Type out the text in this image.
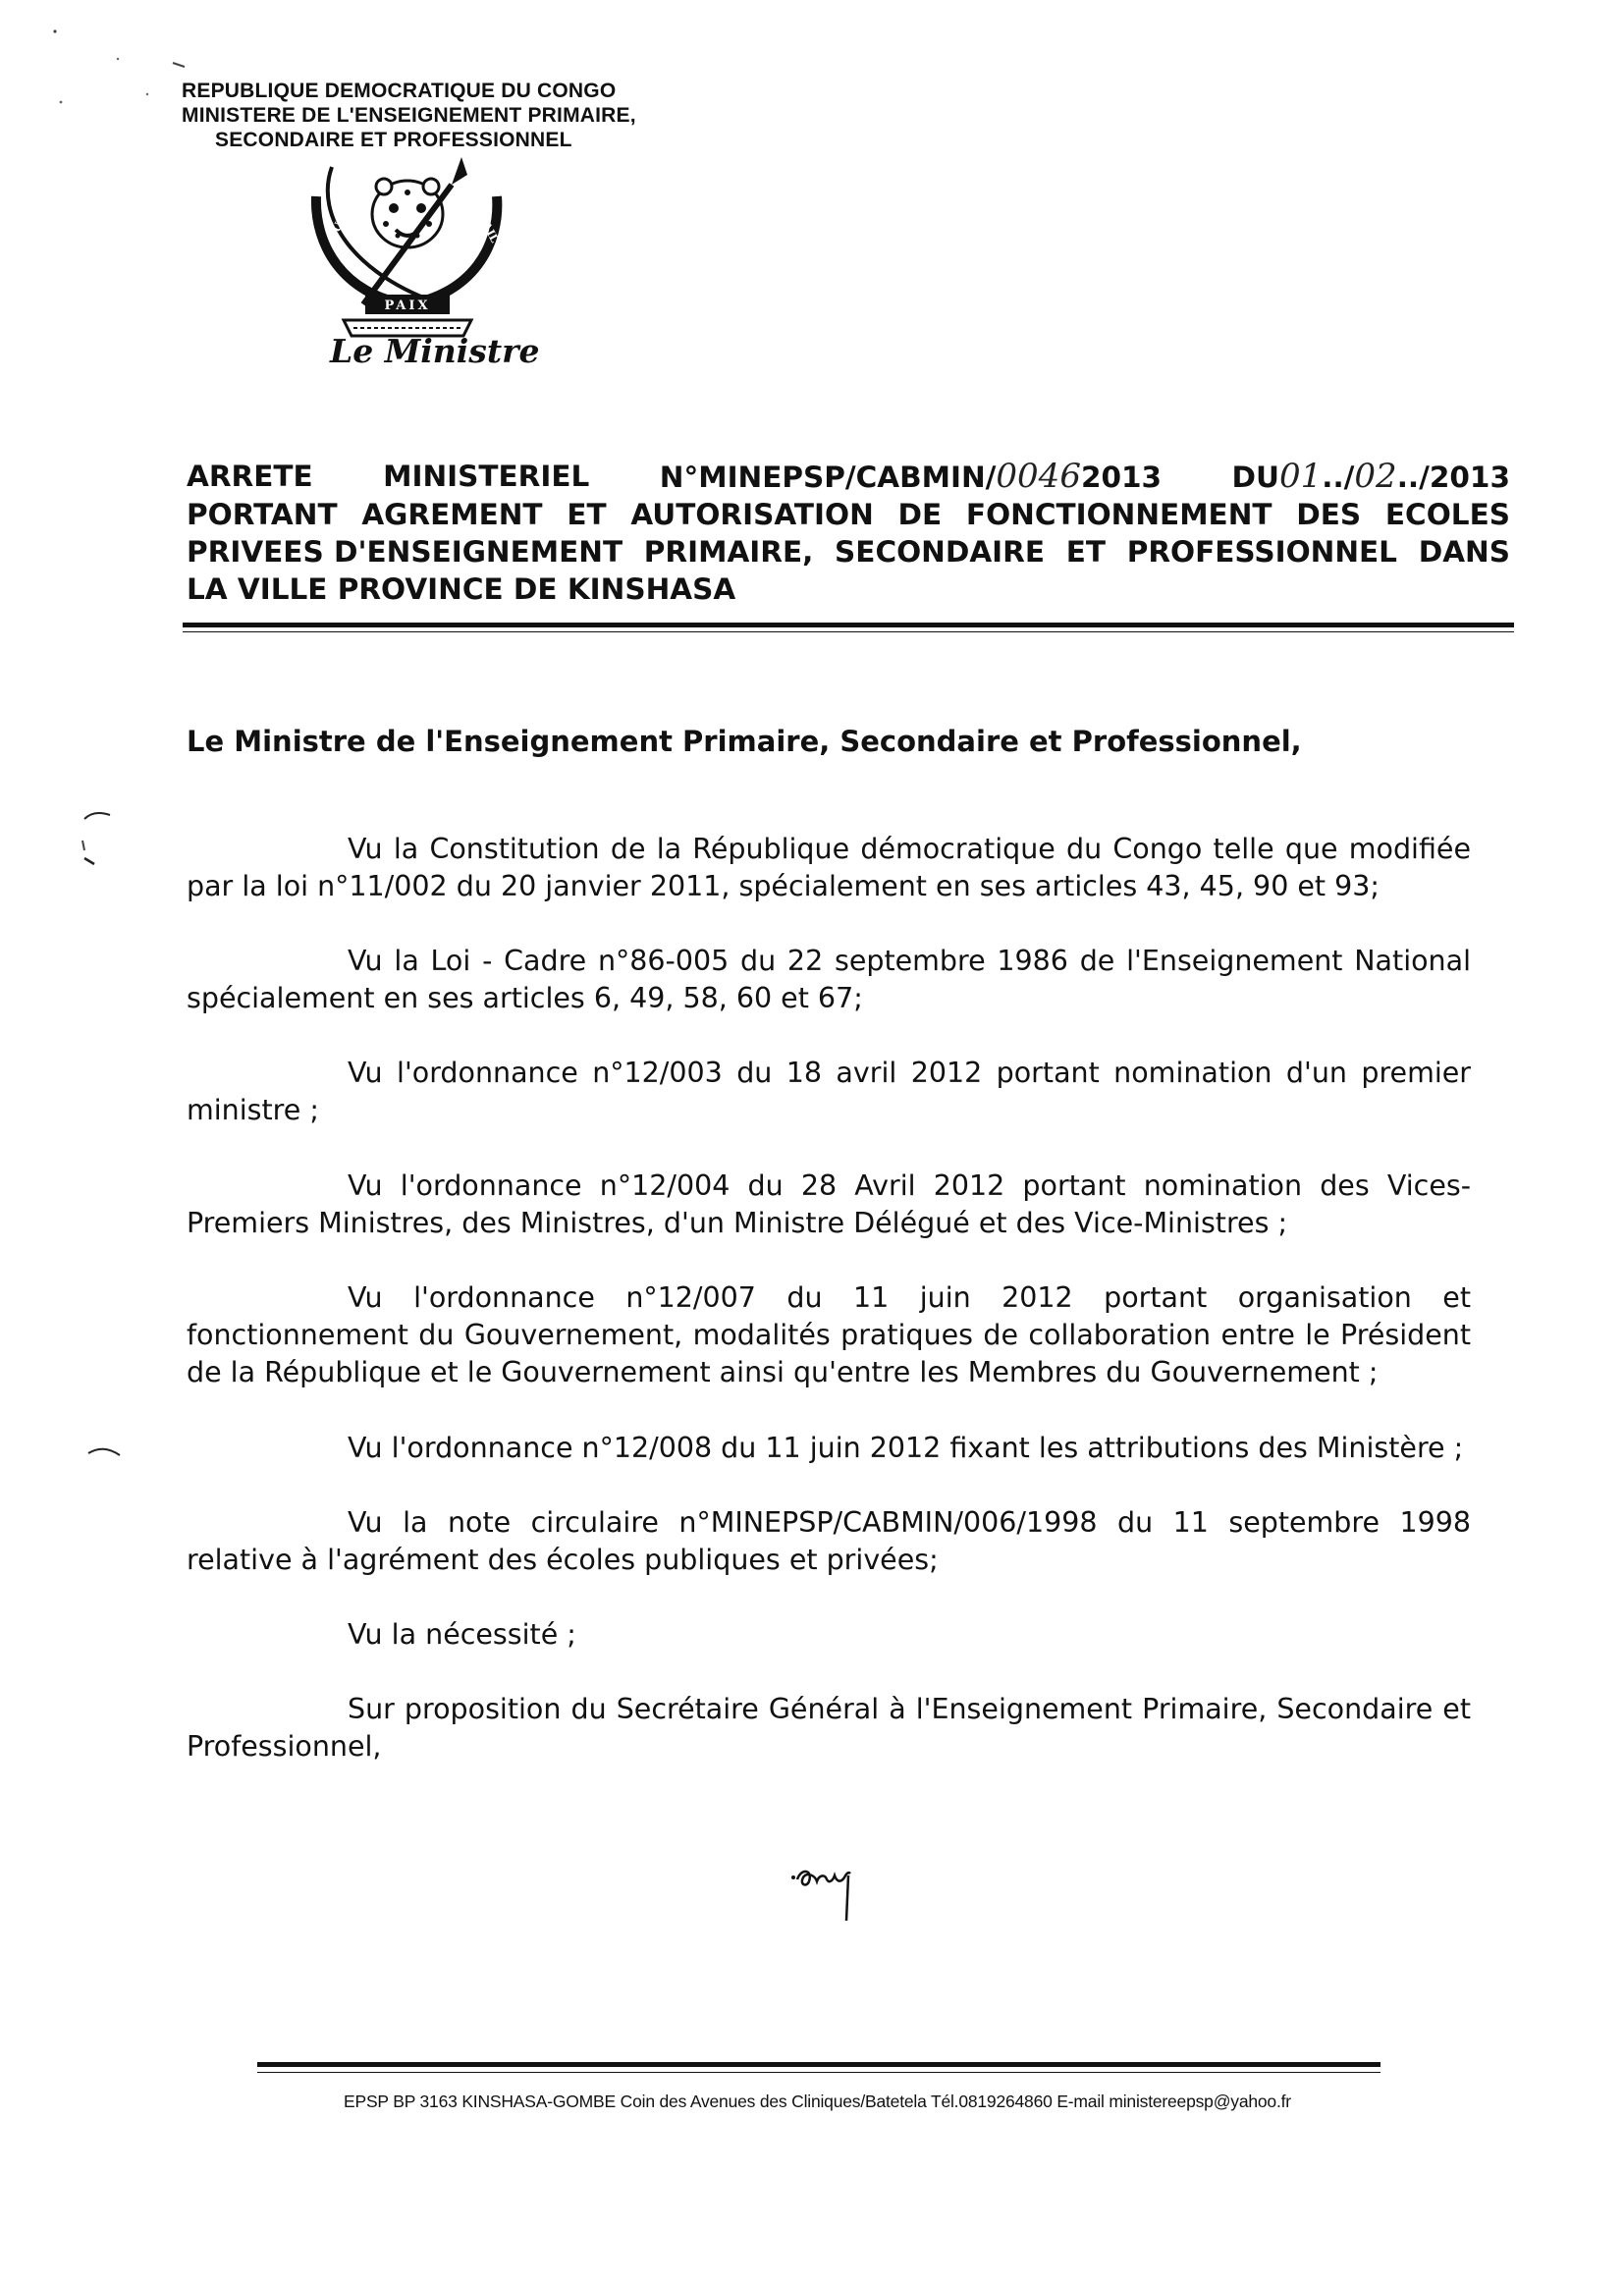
REPUBLIQUE DEMOCRATIQUE DU CONGO
MINISTERE DE L'ENSEIGNEMENT PRIMAIRE,
SECONDAIRE ET PROFESSIONNEL
PAIX
JUSTICE	TRAVAIL
Le Ministre
ARRETE MINISTERIEL N°MINEPSP/CABMIN/00462013 DU01../02../2013
PORTANT AGREMENT ET AUTORISATION DE FONCTIONNEMENT DES ECOLES
PRIVEES D'ENSEIGNEMENT PRIMAIRE, SECONDAIRE ET PROFESSIONNEL DANS
LA VILLE PROVINCE DE KINSHASA
Le Ministre de l'Enseignement Primaire, Secondaire et Professionnel,

Vu la Constitution de la République démocratique du Congo telle que modifiée par la loi n°11/002 du 20 janvier 2011, spécialement en ses articles 43, 45, 90 et 93;

Vu la Loi - Cadre n°86-005 du 22 septembre 1986 de l'Enseignement National spécialement en ses articles 6, 49, 58, 60 et 67;

Vu l'ordonnance n°12/003 du 18 avril 2012 portant nomination d'un premier ministre ;

Vu l'ordonnance n°12/004 du 28 Avril 2012 portant nomination des Vices-Premiers Ministres, des Ministres, d'un Ministre Délégué et des Vice-Ministres ;

Vu l'ordonnance n°12/007 du 11 juin 2012 portant organisation et fonctionnement du Gouvernement, modalités pratiques de collaboration entre le Président de la République et le Gouvernement ainsi qu'entre les Membres du Gouvernement ;

Vu l'ordonnance n°12/008 du 11 juin 2012 fixant les attributions des Ministère ;

Vu la note circulaire n°MINEPSP/CABMIN/006/1998 du 11 septembre 1998 relative à l'agrément des écoles publiques et privées;

Vu la nécessité ;

Sur proposition du Secrétaire Général à l'Enseignement Primaire, Secondaire et Professionnel,

EPSP BP 3163 KINSHASA-GOMBE Coin des Avenues des Cliniques/Batetela Tél.0819264860 E-mail ministereepsp@yahoo.fr
